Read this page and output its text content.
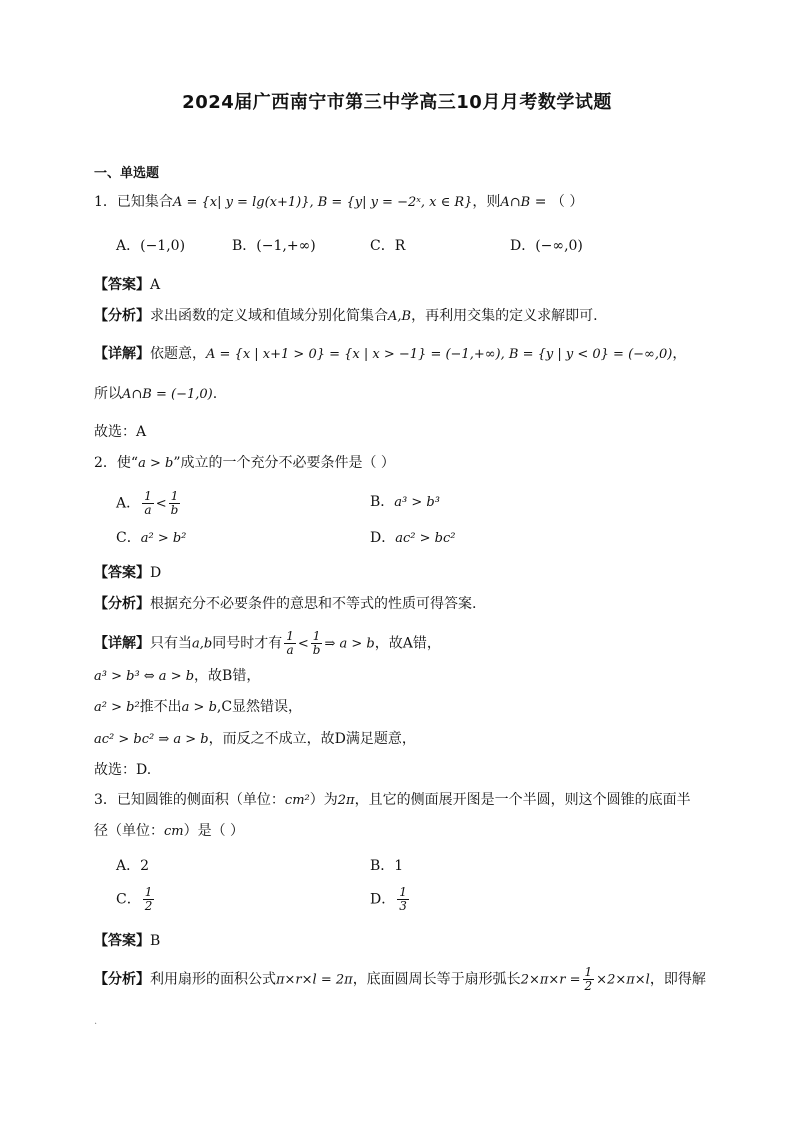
2024届广西南宁市第三中学高三10月月考数学试题
一、单选题
1．已知集合A = {x| y = lg(x+1)}, B = {y| y = −2ˣ, x ∈ R}，则A∩B = （ ）
A．(−1,0)	B．(−1,+∞)	C．R	D．(−∞,0)
【答案】A
【分析】求出函数的定义域和值域分别化简集合A,B，再利用交集的定义求解即可.
【详解】依题意，A = {x | x+1 > 0} = {x | x > −1} = (−1,+∞), B = {y | y < 0} = (−∞,0)，
所以A∩B = (−1,0).
故选：A
2．使“a > b”成立的一个充分不必要条件是（ ）
A． $\frac{1}{a} < \frac{1}{b}$	B．a³ > b³
C．a² > b²	D．ac² > bc²
【答案】D
【分析】根据充分不必要条件的意思和不等式的性质可得答案.
【详解】只有当a,b同号时才有 $\frac{1}{a} < \frac{1}{b}$ ⇒ a > b，故A错，
a³ > b³ ⇔ a > b，故B错，
a² > b²推不出a > b,C显然错误，
ac² > bc² ⇒ a > b，而反之不成立，故D满足题意，
故选：D.
3．已知圆锥的侧面积（单位：cm²）为2π，且它的侧面展开图是一个半圆，则这个圆锥的底面半
径（单位：cm）是（ ）
A．2	B．1
C． $\frac{1}{2}$	D． $\frac{1}{3}$
【答案】B
【分析】利用扇形的面积公式π×r×l = 2π，底面圆周长等于扇形弧长$2\times\pi\times r = \frac{1}{2} \times 2\times\pi\times l$，即得解
.
